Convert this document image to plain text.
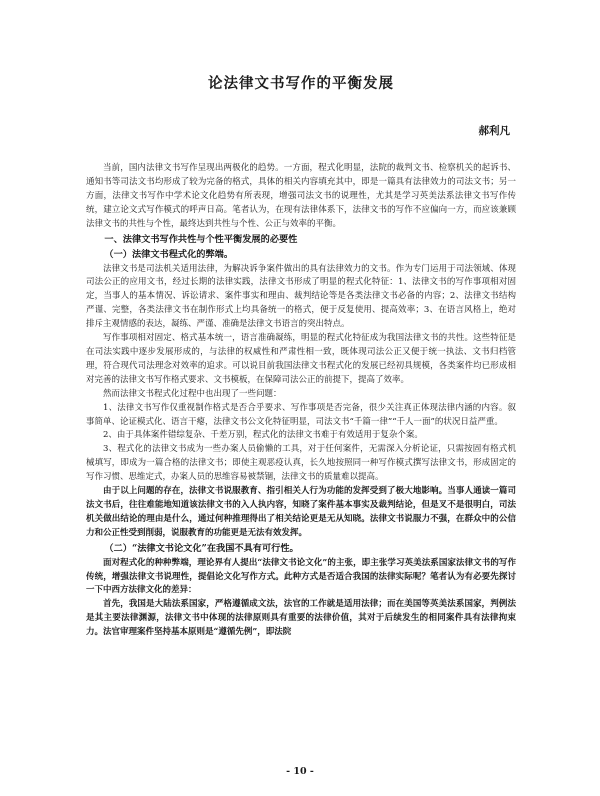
论法律文书写作的平衡发展
郝利凡

当前，国内法律文书写作呈现出两极化的趋势。一方面，程式化明显，法院的裁判文书、检察机关的起诉书、通知书等司法文书均形成了较为完备的格式，具体的相关内容填充其中，即是一篇具有法律效力的司法文书；另一方面，法律文书写作中学术论文化趋势有所表现，增强司法文书的说理性，尤其是学习英美法系法律文书写作传统，建立论文式写作模式的呼声日高。笔者认为，在现有法律体系下，法律文书的写作不应偏向一方，而应该兼顾法律文书的共性与个性，最终达到共性与个性、公正与效率的平衡。

一、法律文书写作共性与个性平衡发展的必要性
（一）法律文书程式化的弊端。

法律文书是司法机关适用法律，为解决诉争案件做出的具有法律效力的文书。作为专门运用于司法领域、体现司法公正的应用文书，经过长期的法律实践，法律文书形成了明显的程式化特征：1、法律文书的写作事项相对固定，当事人的基本情况、诉讼请求、案件事实和理由、裁判结论等是各类法律文书必备的内容；2、法律文书结构严谨、完整，各类法律文书在制作形式上均具备统一的格式，便于反复使用、提高效率；3、在语言风格上，绝对排斥主观情感的表达，凝练、严谨、准确是法律文书语言的突出特点。

写作事项相对固定、格式基本统一，语言准确凝练，明显的程式化特征成为我国法律文书的共性。这些特征是在司法实践中逐步发展形成的，与法律的权威性和严肃性相一致，既体现司法公正又便于统一执法、文书归档管理，符合现代司法理念对效率的追求。可以说目前我国法律文书程式化的发展已经初具规模，各类案件均已形成相对完善的法律文书写作格式要求、文书模板，在保障司法公正的前提下，提高了效率。

然而法律文书程式化过程中也出现了一些问题：

1、法律文书写作仅重视制作格式是否合乎要求、写作事项是否完备，很少关注真正体现法律内涵的内容。叙事简单、论证模式化、语言干瘪，法律文书公文化特征明显，司法文书“千篇一律”“千人一面”的状况日益严重。

2、由于具体案件错综复杂、千差万别，程式化的法律文书难于有效适用于复杂个案。

3、程式化的法律文书成为一些办案人员偷懒的工具，对于任何案件，无需深入分析论证，只需按固有格式机械填写，即成为一篇合格的法律文书；即使主观恶疫认真，长久地按照同一种写作模式撰写法律文书，形成固定的写作习惯、思维定式，办案人员的思维容易被禁锢，法律文书的质量难以提高。

由于以上问题的存在，法律文书说服教育、指引相关人行为功能的发挥受到了极大地影响。当事人通读一篇司法文书后，往往难能地知道该法律文书的入人执内容，知晓了案件基本事实及裁判结论，但是叉不是很明白，司法机关做出结论的理由是什么，通过何种推理得出了相关结论更是无从知晓。法律文书说服力不强，在群众中的公信力和公正性受到削弱，说服教育的功能更是无法有效发挥。

（二）“法律文书论文化”在我国不具有可行性。

面对程式化的种种弊端，理论界有人提出“法律文书论文化”的主张，即主张学习英美法系国家法律文书的写作传统，增强法律文书说理性，提倡论文化写作方式。此种方式是否适合我国的法律实际呢？笔者认为有必要先探讨一下中西方法律文化的差异：

首先，我国是大陆法系国家，严格遵循成文法，法官的工作就是适用法律；而在美国等英美法系国家，判例法是其主要法律渊源，法律文书中体现的法律原则具有重要的法律价值，其对于后续发生的相同案件具有法律拘束力。法官审理案件坚持基本原则是“遵循先例”，即法院

- 10 -
